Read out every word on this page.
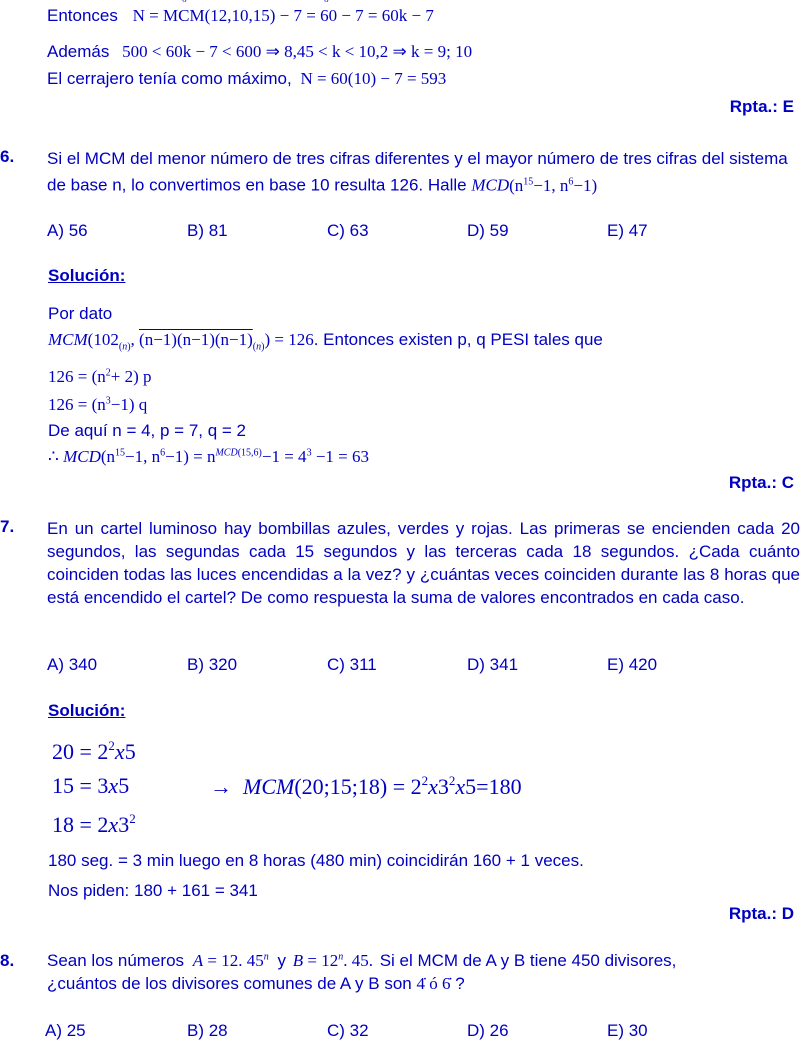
Entonces N = Mo CM(12,10,15) − 7 = o 60 − 7 = 60k − 7
Además 500 < 60k − 7 < 600 ⇒ 8,45 < k < 10,2 ⇒ k = 9; 10
El cerrajero tenía como máximo, N = 60(10) − 7 = 593
Rpta.: E
6. Si el MCM del menor número de tres cifras diferentes y el mayor número de tres cifras del sistema de base n, lo convertimos en base 10 resulta 126. Halle $MCD(n^{15}-1$, $n^6-1$)
A) 56	B) 81	C) 63	D) 59	E) 47
Solución:
Por dato
$MCM(102_{(n)}$, $(n-1)(n-1)(n-1)_{(n)}) = 126$. Entonces existen p, q PESI tales que
$126 = (n^2+ 2)$ p
$126 = (n^3-1)$ q
De aquí n = 4, p = 7, q = 2
∴ $MCD(n^{15}-1$, $n^6-1) = n^{MCD(15,6)}-1 = 4^3 -1 = 63$
Rpta.: C
7. En un cartel luminoso hay bombillas azules, verdes y rojas. Las primeras se encienden cada 20 segundos, las segundas cada 15 segundos y las terceras cada 18 segundos. ¿Cada cuánto coinciden todas las luces encendidas a la vez? y ¿cuántas veces coinciden durante las 8 horas que está encendido el cartel? De como respuesta la suma de valores encontrados en cada caso.
A) 340	B) 320	C) 311	D) 341	E) 420
Solución:
$20 = 2^2x5$
15 = 3x5	→  MCM(20;15;18) = $2^2x3^2x5=180$
$18 = 2x3^2$
180 seg. = 3 min luego en 8 horas (480 min) coincidirán 160 + 1 veces.
Nos piden: 180 + 161 = 341
Rpta.: D
8. Sean los números A = 12. 45$^n$ y $B = 12^n$. 45. Si el MCM de A y B tiene 450 divisores,
¿cuántos de los divisores comunes de A y B son 4̇ ó 6̇ ?
A) 25	B) 28	C) 32	D) 26	E) 30
